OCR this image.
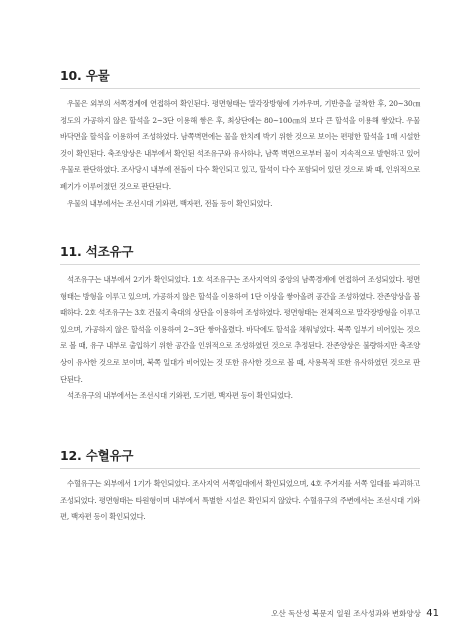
10. 우물

우물은 외부의 서쪽경계에 연접하여 확인된다. 평면형태는 말각장방형에 가까우며, 기반층을 굴착한 후, 20~30㎝ 정도의 가공하지 않은 할석을 2~3단 이용해 쌓은 후, 최상단에는 80~100㎝의 보다 큰 할석을 이용해 쌓았다. 우물 바닥면을 할석을 이용하여 조성하였다. 남쪽벽면에는 물을 한치례 박기 위한 것으로 보이는 편평한 할석을 1매 시설한 것이 확인된다. 축조양상은 내부에서 확인된 석조유구와 유사하나, 남쪽 벽면으로부터 물이 지속적으로 발현하고 있어 우물로 판단하였다. 조사당시 내부에 전돌이 다수 확인되고 있고, 할석이 다수 포함되어 있던 것으로 봐 때, 인위적으로 폐기가 이루어졌던 것으로 판단된다.

우물의 내부에서는 조선시대 기와편, 백자편, 전돌 등이 확인되었다.

11. 석조유구

석조유구는 내부에서 2기가 확인되었다. 1호 석조유구는 조사지역의 중앙의 남쪽경계에 연접하여 조성되었다. 평면형태는 방형을 이루고 있으며, 가공하지 않은 할석을 이용하여 1단 이상을 쌓아올려 공간을 조성하였다. 잔존양상을 볼때하다. 2호 석조유구는 3호 건물지 축대의 상단을 이용하여 조성하였다. 평면형태는 전체적으로 말각장방형을 이루고 있으며, 가공하지 않은 할석을 이용하여 2~3단 쌓아올렸다. 바닥에도 할석을 채워넣었다. 북쪽 일부기 비어있는 것으로 볼 때, 유구 내부로 출입하기 위한 공간을 인위적으로 조성하였던 것으로 추정된다. 잔존양상은 불량하지만 축조양상이 유사한 것으로 보이며, 북쪽 일대가 비어있는 것 또한 유사한 것으로 볼 때, 사용목적 또한 유사하였던 것으로 판단된다.

석조유구의 내부에서는 조선시대 기와편, 도기편, 백자편 등이 확인되었다.

12. 수혈유구

수혈유구는 외부에서 1기가 확인되었다. 조사지역 서쪽일대에서 확인되었으며, 4호 주거지를 서쪽 일대를 파괴하고 조성되었다. 평면형태는 타원형이며 내부에서 특별한 시설은 확인되지 않았다. 수혈유구의 주변에서는 조선시대 기와편, 백자편 등이 확인되었다.

오산 독산성 북문지 일원 조사성과와 변화양상 41
